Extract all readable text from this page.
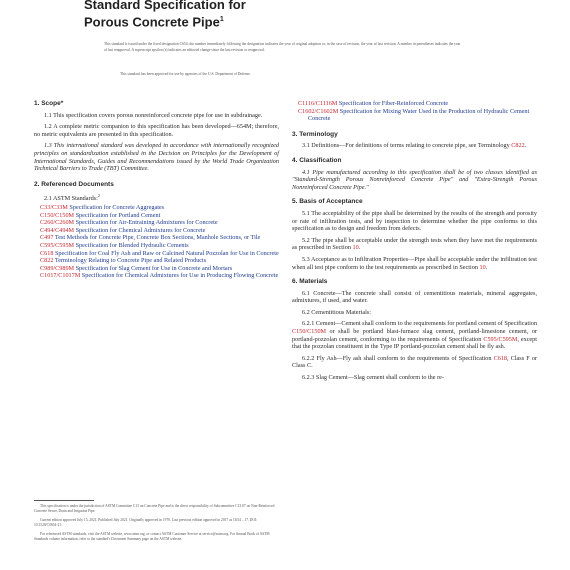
Standard Specification for
Porous Concrete Pipe$^1$
This standard is issued under the fixed designation C654; the number immediately following the designation indicates the year of original adoption or, in the case of revision, the year of last revision. A number in parentheses indicates the year of last reapproval. A superscript epsilon (ε) indicates an editorial change since the last revision or reapproval.
This standard has been approved for use by agencies of the U.S. Department of Defense.
1. Scope*
1.1 This specification covers porous nonreinforced concrete pipe for use in subdrainage.
1.2 A complete metric companion to this specification has been developed—654M; therefore, no metric equivalents are presented in this specification.
1.3 This international standard was developed in accordance with internationally recognized principles on standardization established in the Decision on Principles for the Development of International Standards, Guides and Recommendations issued by the World Trade Organization Technical Barriers to Trade (TBT) Committee.
2. Referenced Documents
2.1 ASTM Standards:$^2$
C33/C33M Specification for Concrete Aggregates
C150/C150M Specification for Portland Cement
C260/C260M Specification for Air-Entraining Admixtures for Concrete
C494/C494M Specification for Chemical Admixtures for Concrete
C497 Test Methods for Concrete Pipe, Concrete Box Sections, Manhole Sections, or Tile
C595/C595M Specification for Blended Hydraulic Cements
C618 Specification for Coal Fly Ash and Raw or Calcined Natural Pozzolan for Use in Concrete
C822 Terminology Relating to Concrete Pipe and Related Products
C989/C989M Specification for Slag Cement for Use in Concrete and Mortars
C1017/C1017M Specification for Chemical Admixtures for Use in Producing Flowing Concrete
C1116/C1116M Specification for Fiber-Reinforced Concrete
C1602/C1602M Specification for Mixing Water Used in the Production of Hydraulic Cement Concrete
3. Terminology
3.1 Definitions—For definitions of terms relating to concrete pipe, see Terminology C822.
4. Classification
4.1 Pipe manufactured according to this specification shall be of two classes identified as "Standard-Strength Porous Nonreinforced Concrete Pipe" and "Extra-Strength Porous Nonreinforced Concrete Pipe."
5. Basis of Acceptance
5.1 The acceptability of the pipe shall be determined by the results of the strength and porosity or rate of infiltration tests, and by inspection to determine whether the pipe conforms to this specification as to design and freedom from defects.
5.2 The pipe shall be acceptable under the strength tests when they have met the requirements as prescribed in Section 10.
5.3 Acceptance as to Infiltration Properties—Pipe shall be acceptable under the infiltration test when all test pipe conform to the test requirements as prescribed in Section 10.
6. Materials
6.1 Concrete—The concrete shall consist of cementitious materials, mineral aggregates, admixtures, if used, and water.
6.2 Cementitious Materials:
6.2.1 Cement—Cement shall conform to the requirements for portland cement of Specification C150/C150M or shall be portland blast-furnace slag cement, portland-limestone cement, or portland-pozzolan cement, conforming to the requirements of Specification C595/C595M, except that the pozzolan constituent in the Type IP portland-pozzolan cement shall be fly ash.
6.2.2 Fly Ash—Fly ash shall conform to the requirements of Specification C618, Class F or Class C.
6.2.3 Slag Cement—Slag cement shall conform to the re-

This specification is under the jurisdiction of ASTM Committee C13 on Concrete Pipe and is the direct responsibility of Subcommittee C13.07 on Non-Reinforced Concrete Sewer, Drain and Irrigation Pipe.

Current edition approved July 15, 2021. Published July 2021. Originally approved in 1970. Last previous edition approved in 2017 as C654 – 17. DOI: 10.1520/C0654-21.

For referenced ASTM standards, visit the ASTM website, www.astm.org, or contact ASTM Customer Service at service@astm.org. For Annual Book of ASTM Standards volume information, refer to the standard's Document Summary page on the ASTM website.
